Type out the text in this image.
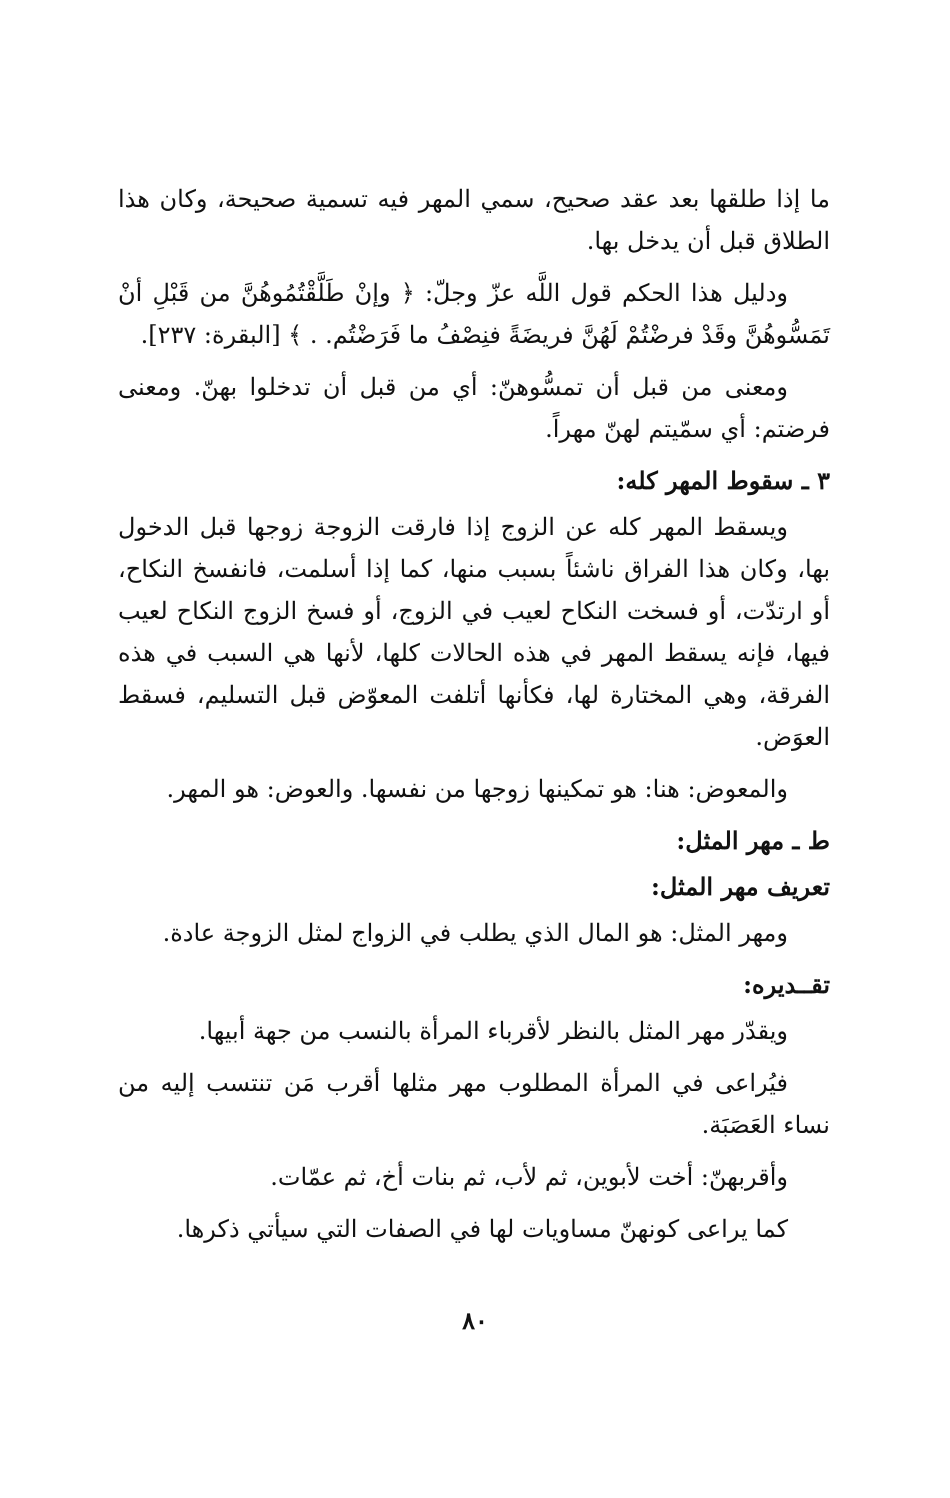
ما إذا طلقها بعد عقد صحيح، سمي المهر فيه تسمية صحيحة، وكان هذا الطلاق قبل أن يدخل بها.

ودليل هذا الحكم قول اللَّه عزّ وجلّ: ﴿ وإنْ طَلَّقْتُمُوهُنَّ من قَبْلِ أنْ تَمَسُّوهُنَّ وقَدْ فرضْتُمْ لَهُنَّ فريضَةً فنِصْفُ ما فَرَضْتُم. . ﴾ [البقرة: ٢٣٧].

ومعنى من قبل أن تمسُّوهنّ: أي من قبل أن تدخلوا بهنّ. ومعنى فرضتم: أي سمّيتم لهنّ مهراً.

٣ ـ سقوط المهر كله:

ويسقط المهر كله عن الزوج إذا فارقت الزوجة زوجها قبل الدخول بها، وكان هذا الفراق ناشئاً بسبب منها، كما إذا أسلمت، فانفسخ النكاح، أو ارتدّت، أو فسخت النكاح لعيب في الزوج، أو فسخ الزوج النكاح لعيب فيها، فإنه يسقط المهر في هذه الحالات كلها، لأنها هي السبب في هذه الفرقة، وهي المختارة لها، فكأنها أتلفت المعوّض قبل التسليم، فسقط العوَض.

والمعوض: هنا: هو تمكينها زوجها من نفسها. والعوض: هو المهر.

ط ـ مهر المثل:

تعريف مهر المثل:

ومهر المثل: هو المال الذي يطلب في الزواج لمثل الزوجة عادة.

تقــديره:

ويقدّر مهر المثل بالنظر لأقرباء المرأة بالنسب من جهة أبيها.

فيُراعى في المرأة المطلوب مهر مثلها أقرب مَن تنتسب إليه من نساء العَصَبَة.

وأقربهنّ: أخت لأبوين، ثم لأب، ثم بنات أخ، ثم عمّات.

كما يراعى كونهنّ مساويات لها في الصفات التي سيأتي ذكرها.

٨٠
